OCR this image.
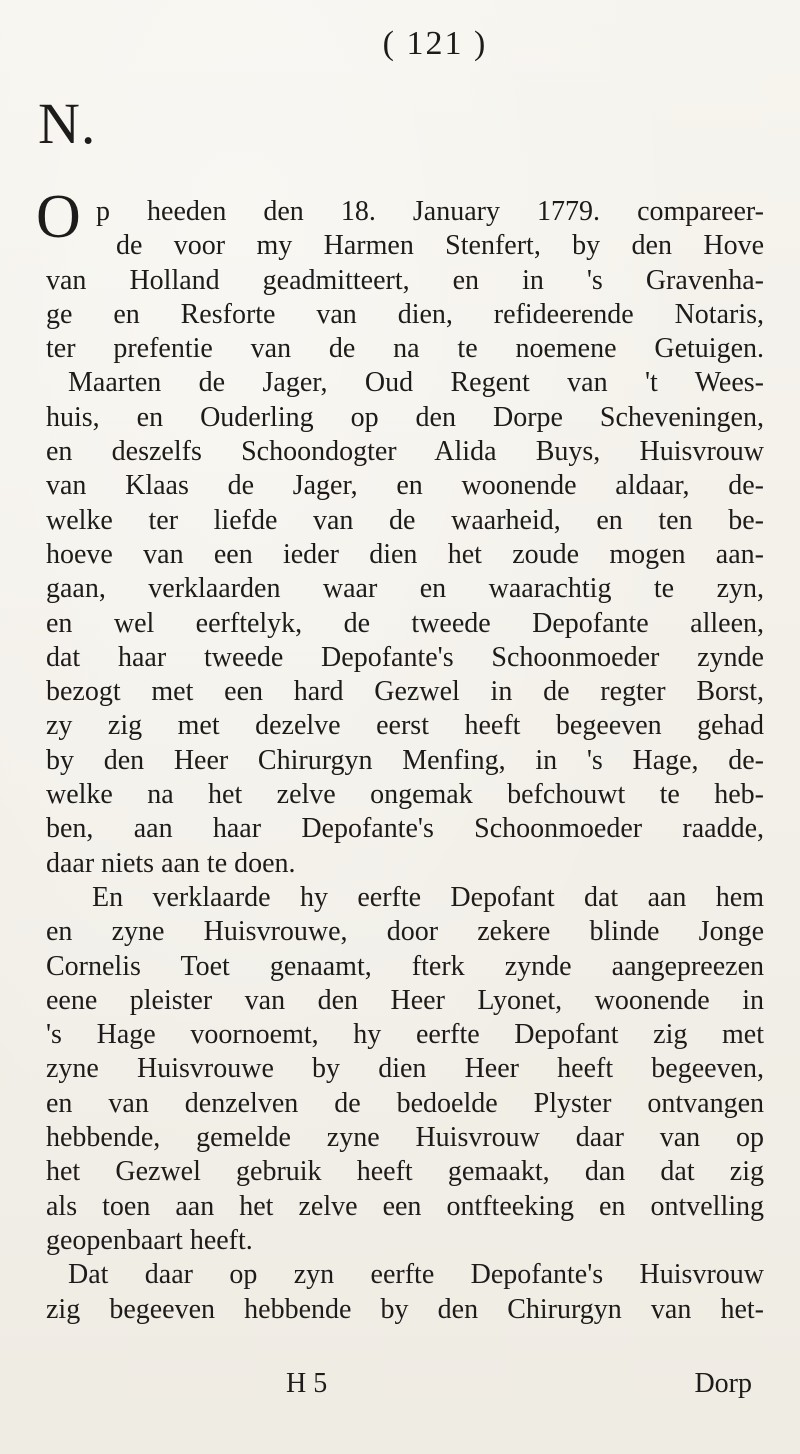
( 121 )
N.
O p heeden den 18. January 1779. compareer-
de voor my Harmen Stenfert, by den Hove
van Holland geadmitteert, en in 's Gravenha-
ge en Resforte van dien, refideerende Notaris,
ter prefentie van de na te noemene Getuigen.
Maarten de Jager, Oud Regent van 't Wees-
huis, en Ouderling op den Dorpe Scheveningen,
en deszelfs Schoondogter Alida Buys, Huisvrouw
van Klaas de Jager, en woonende aldaar, de-
welke ter liefde van de waarheid, en ten be-
hoeve van een ieder dien het zoude mogen aan-
gaan, verklaarden waar en waarachtig te zyn,
en wel eerftelyk, de tweede Depofante alleen,
dat haar tweede Depofante's Schoonmoeder zynde
bezogt met een hard Gezwel in de regter Borst,
zy zig met dezelve eerst heeft begeeven gehad
by den Heer Chirurgyn Menfing, in 's Hage, de-
welke na het zelve ongemak befchouwt te heb-
ben, aan haar Depofante's Schoonmoeder raadde,
daar niets aan te doen.
En verklaarde hy eerfte Depofant dat aan hem
en zyne Huisvrouwe, door zekere blinde Jonge
Cornelis Toet genaamt, fterk zynde aangepreezen
eene pleister van den Heer Lyonet, woonende in
's Hage voornoemt, hy eerfte Depofant zig met
zyne Huisvrouwe by dien Heer heeft begeeven,
en van denzelven de bedoelde Plyster ontvangen
hebbende, gemelde zyne Huisvrouw daar van op
het Gezwel gebruik heeft gemaakt, dan dat zig
als toen aan het zelve een ontfteeking en ontvelling
geopenbaart heeft.
Dat daar op zyn eerfte Depofante's Huisvrouw
zig begeeven hebbende by den Chirurgyn van het-
H 5	Dorp
